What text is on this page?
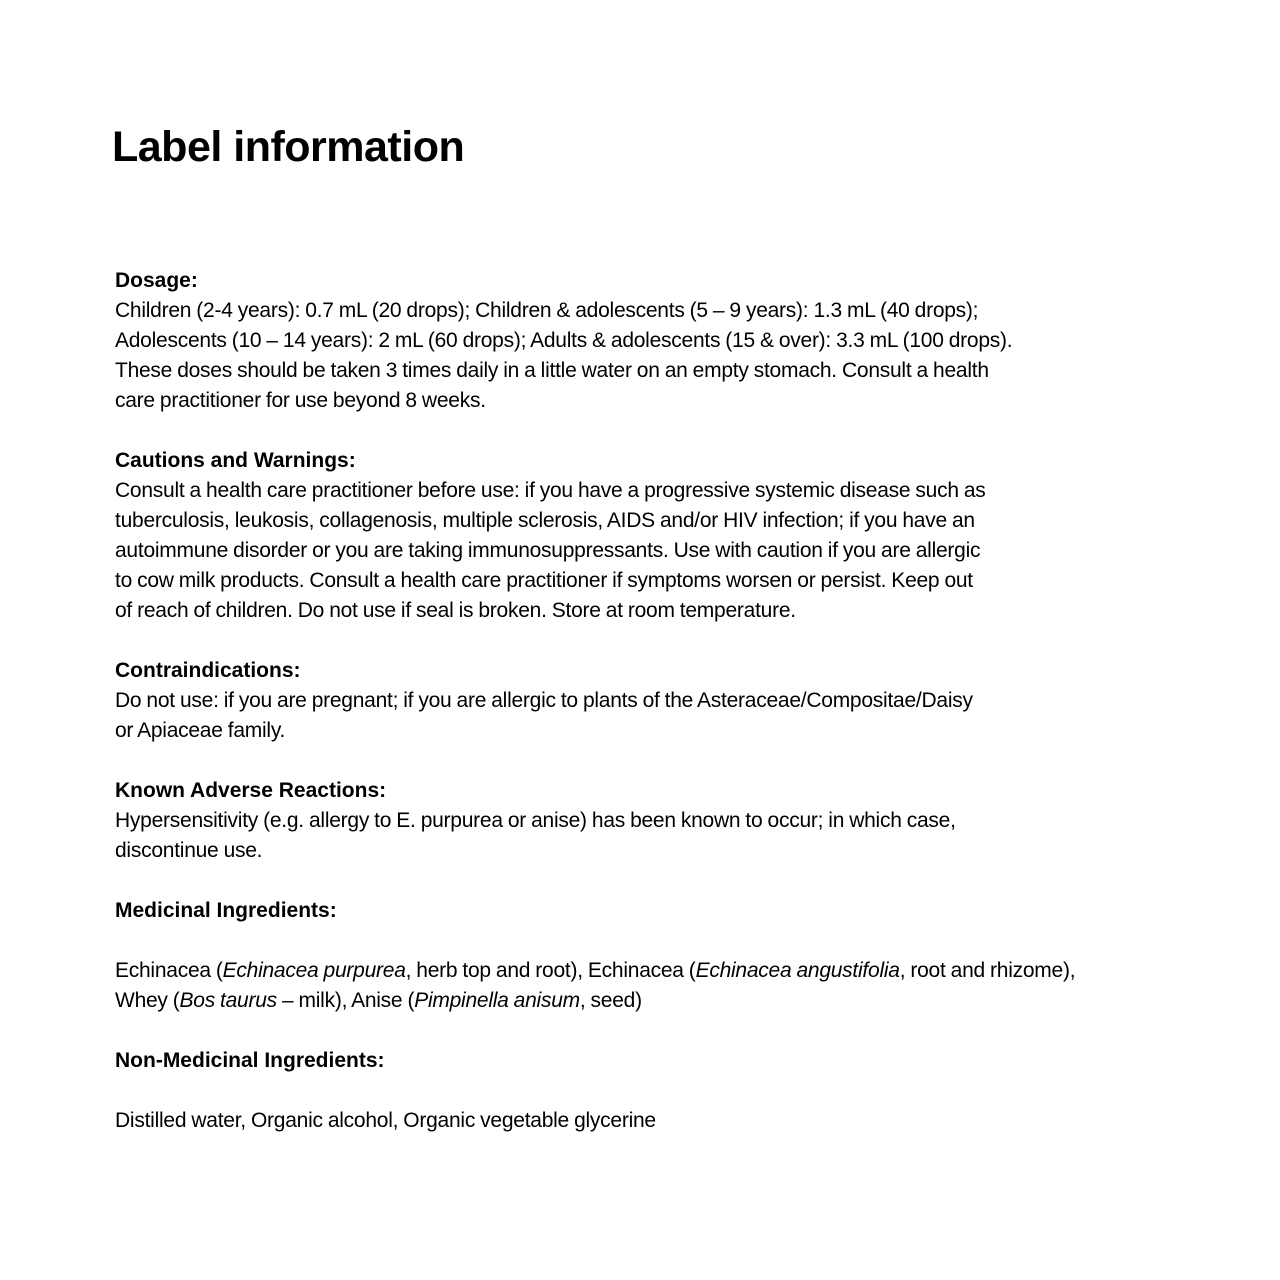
Label information

Dosage:

Children (2-4 years): 0.7 mL (20 drops); Children & adolescents (5 – 9 years): 1.3 mL (40 drops);
Adolescents (10 – 14 years): 2 mL (60 drops); Adults & adolescents (15 & over): 3.3 mL (100 drops).
These doses should be taken 3 times daily in a little water on an empty stomach. Consult a health
care practitioner for use beyond 8 weeks.

Cautions and Warnings:

Consult a health care practitioner before use: if you have a progressive systemic disease such as
tuberculosis, leukosis, collagenosis, multiple sclerosis, AIDS and/or HIV infection; if you have an
autoimmune disorder or you are taking immunosuppressants. Use with caution if you are allergic
to cow milk products. Consult a health care practitioner if symptoms worsen or persist. Keep out
of reach of children. Do not use if seal is broken. Store at room temperature.

Contraindications:

Do not use: if you are pregnant; if you are allergic to plants of the Asteraceae/Compositae/Daisy
or Apiaceae family.

Known Adverse Reactions:

Hypersensitivity (e.g. allergy to E. purpurea or anise) has been known to occur; in which case,
discontinue use.

Medicinal Ingredients:

Echinacea (Echinacea purpurea, herb top and root), Echinacea (Echinacea angustifolia, root and rhizome),
Whey (Bos taurus – milk), Anise (Pimpinella anisum, seed)

Non-Medicinal Ingredients:

Distilled water, Organic alcohol, Organic vegetable glycerine
